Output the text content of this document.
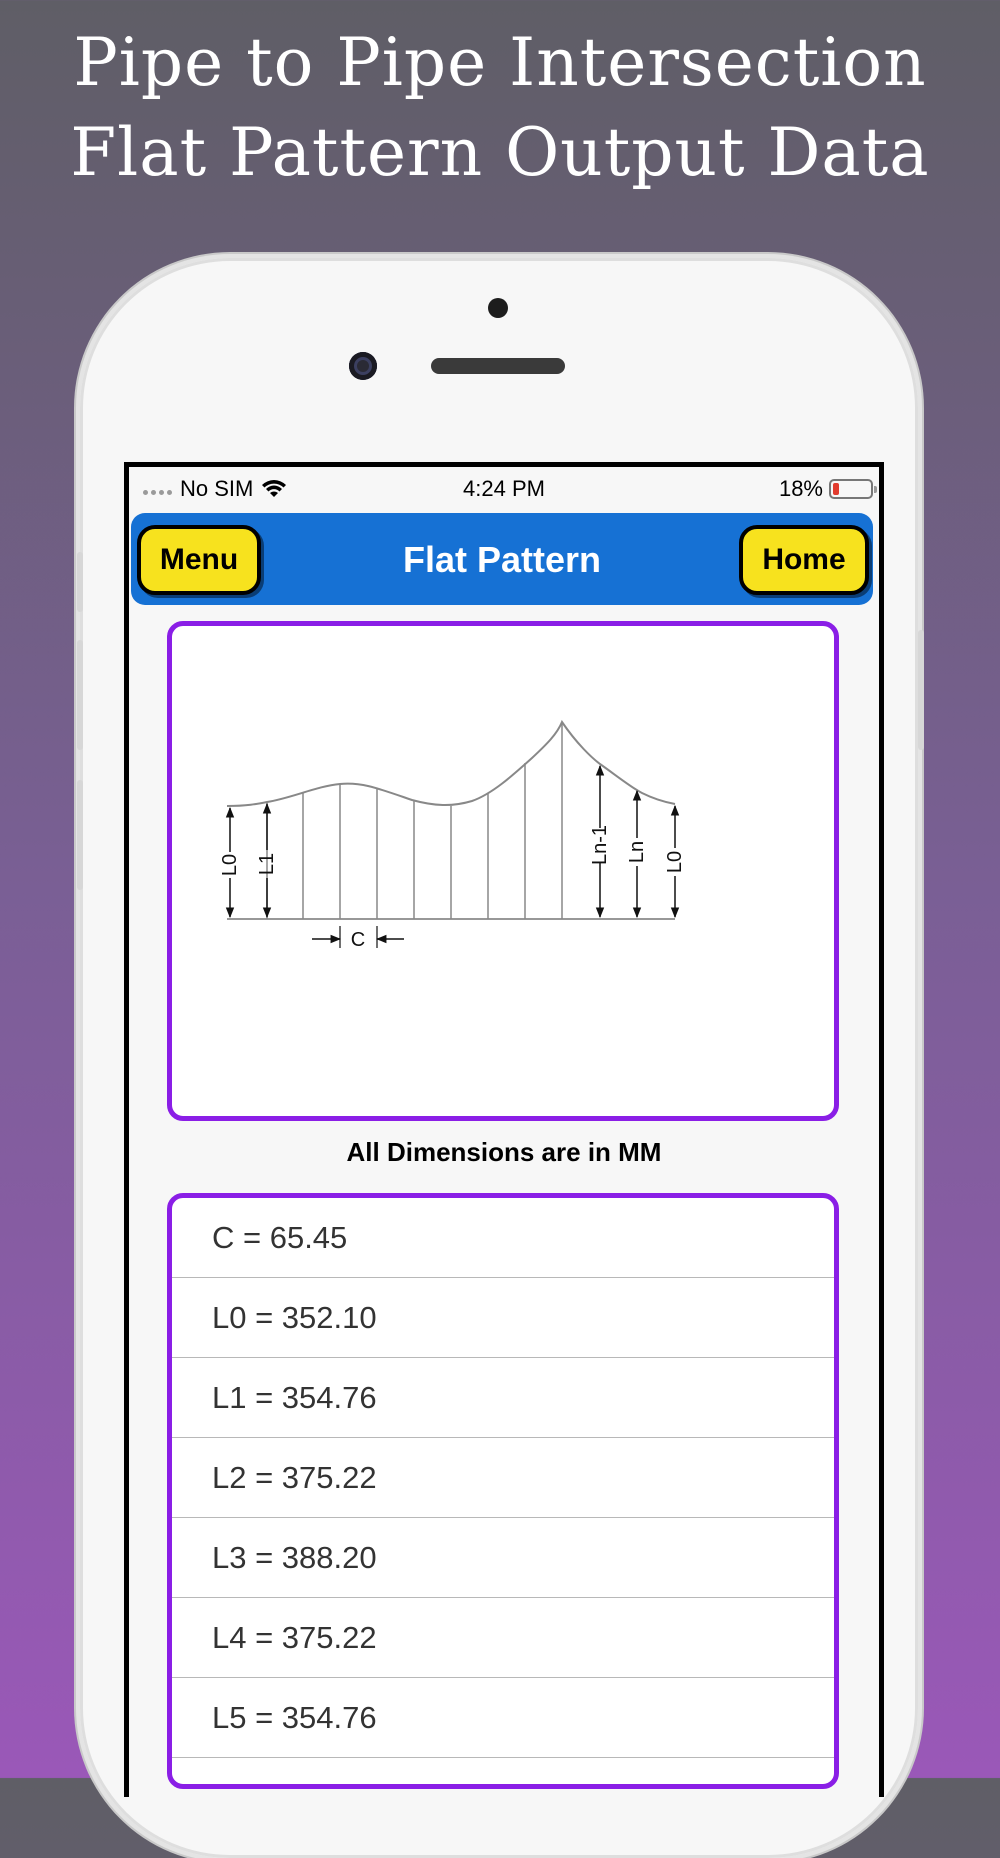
Pipe to Pipe Intersection
Flat Pattern Output Data
No SIM	4:24 PM	18%
Menu	Flat Pattern	Home
L0 L1
C
Ln-1 Ln L0
All Dimensions are in MM
C = 65.45
L0 = 352.10
L1 = 354.76
L2 = 375.22
L3 = 388.20
L4 = 375.22
L5 = 354.76
